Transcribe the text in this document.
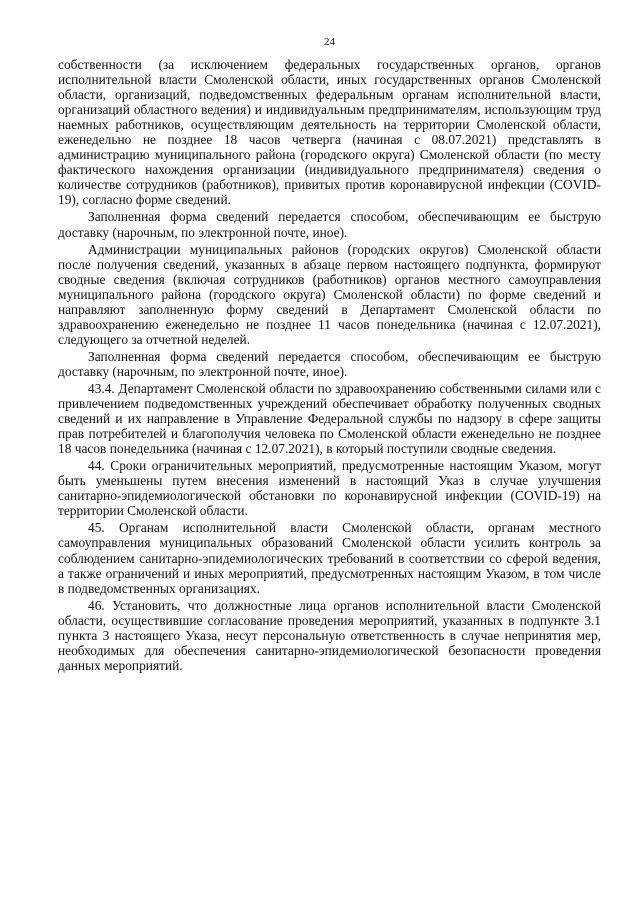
24

собственности (за исключением федеральных государственных органов, органов исполнительной власти Смоленской области, иных государственных органов Смоленской области, организаций, подведомственных федеральным органам исполнительной власти, организаций областного ведения) и индивидуальным предпринимателям, использующим труд наемных работников, осуществляющим деятельность на территории Смоленской области, еженедельно не позднее 18 часов четверга (начиная с 08.07.2021) представлять в администрацию муниципального района (городского округа) Смоленской области (по месту фактического нахождения организации (индивидуального предпринимателя) сведения о количестве сотрудников (работников), привитых против коронавирусной инфекции (COVID-19), согласно форме сведений.

Заполненная форма сведений передается способом, обеспечивающим ее быструю доставку (нарочным, по электронной почте, иное).

Администрации муниципальных районов (городских округов) Смоленской области после получения сведений, указанных в абзаце первом настоящего подпункта, формируют сводные сведения (включая сотрудников (работников) органов местного самоуправления муниципального района (городского округа) Смоленской области) по форме сведений и направляют заполненную форму сведений в Департамент Смоленской области по здравоохранению еженедельно не позднее 11 часов понедельника (начиная с 12.07.2021), следующего за отчетной неделей.

Заполненная форма сведений передается способом, обеспечивающим ее быструю доставку (нарочным, по электронной почте, иное).

43.4. Департамент Смоленской области по здравоохранению собственными силами или с привлечением подведомственных учреждений обеспечивает обработку полученных сводных сведений и их направление в Управление Федеральной службы по надзору в сфере защиты прав потребителей и благополучия человека по Смоленской области еженедельно не позднее 18 часов понедельника (начиная с 12.07.2021), в который поступили сводные сведения.

44. Сроки ограничительных мероприятий, предусмотренные настоящим Указом, могут быть уменьшены путем внесения изменений в настоящий Указ в случае улучшения санитарно-эпидемиологической обстановки по коронавирусной инфекции (COVID-19) на территории Смоленской области.

45. Органам исполнительной власти Смоленской области, органам местного самоуправления муниципальных образований Смоленской области усилить контроль за соблюдением санитарно-эпидемиологических требований в соответствии со сферой ведения, а также ограничений и иных мероприятий, предусмотренных настоящим Указом, в том числе в подведомственных организациях.

46. Установить, что должностные лица органов исполнительной власти Смоленской области, осуществившие согласование проведения мероприятий, указанных в подпункте 3.1 пункта 3 настоящего Указа, несут персональную ответственность в случае непринятия мер, необходимых для обеспечения санитарно-эпидемиологической безопасности проведения данных мероприятий.
